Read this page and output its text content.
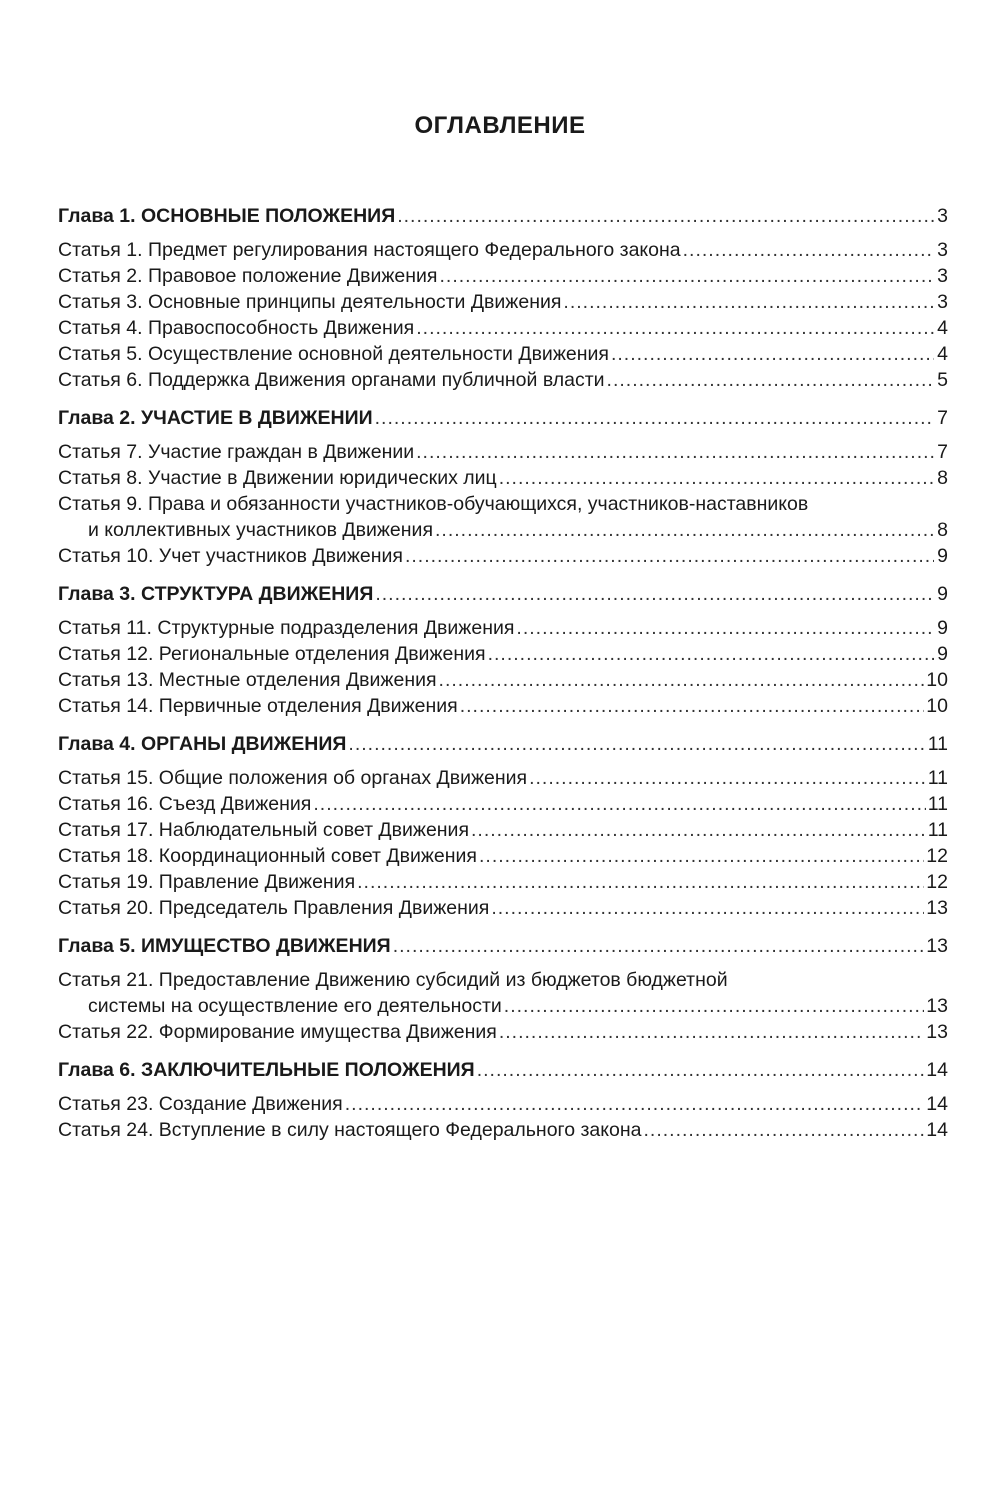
ОГЛАВЛЕНИЕ
Глава 1. ОСНОВНЫЕ ПОЛОЖЕНИЯ .....	3
Статья 1. Предмет регулирования настоящего Федерального закона .....	3
Статья 2. Правовое положение Движения .....	3
Статья 3. Основные принципы деятельности Движения .....	3
Статья 4. Правоспособность Движения .....	4
Статья 5. Осуществление основной деятельности Движения .....	4
Статья 6. Поддержка Движения органами публичной власти .....	5
Глава 2. УЧАСТИЕ В ДВИЖЕНИИ .....	7
Статья 7. Участие граждан в Движении .....	7
Статья 8. Участие в Движении юридических лиц .....	8
Статья 9. Права и обязанности участников-обучающихся, участников-наставников
и коллективных участников Движения .....	8
Статья 10. Учет участников Движения .....	9
Глава 3. СТРУКТУРА ДВИЖЕНИЯ .....	9
Статья 11. Структурные подразделения Движения .....	9
Статья 12. Региональные отделения Движения .....	9
Статья 13. Местные отделения Движения .....	10
Статья 14. Первичные отделения Движения .....	10
Глава 4. ОРГАНЫ ДВИЖЕНИЯ .....	11
Статья 15. Общие положения об органах Движения .....	11
Статья 16. Съезд Движения .....	11
Статья 17. Наблюдательный совет Движения .....	11
Статья 18. Координационный совет Движения .....	12
Статья 19. Правление Движения .....	12
Статья 20. Председатель Правления Движения .....	13
Глава 5. ИМУЩЕСТВО ДВИЖЕНИЯ .....	13
Статья 21. Предоставление Движению субсидий из бюджетов бюджетной
системы на осуществление его деятельности .....	13
Статья 22. Формирование имущества Движения .....	13
Глава 6. ЗАКЛЮЧИТЕЛЬНЫЕ ПОЛОЖЕНИЯ .....	14
Статья 23. Создание Движения .....	14
Статья 24. Вступление в силу настоящего Федерального закона .....	14
